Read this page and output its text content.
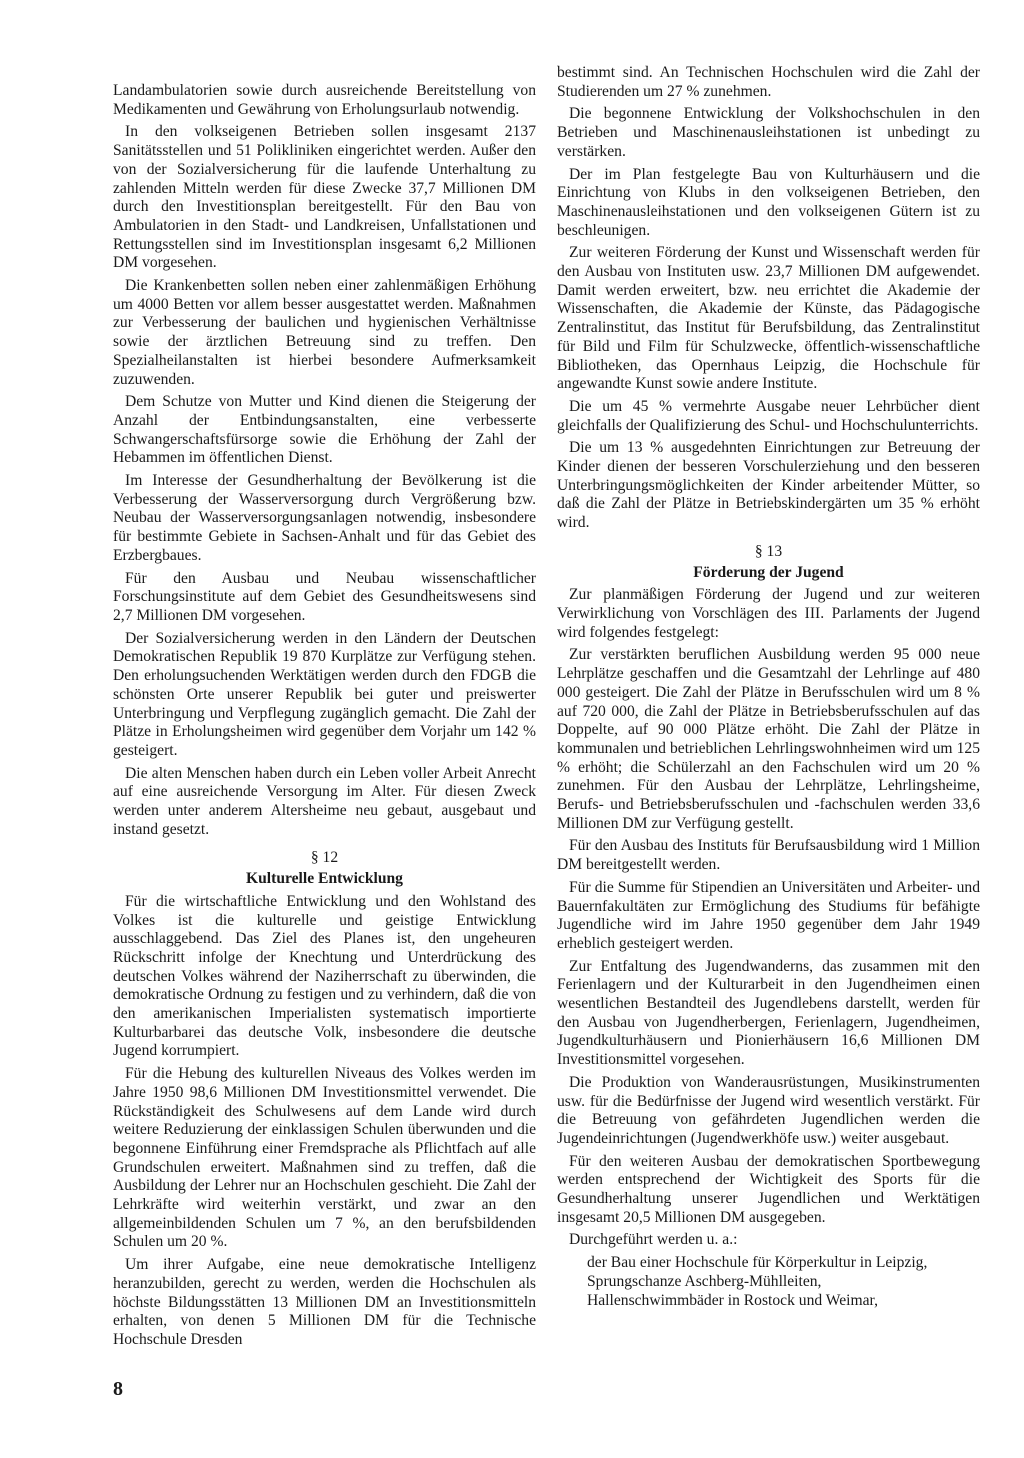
Landambulatorien sowie durch ausreichende Bereitstellung von Medikamenten und Gewährung von Erholungsurlaub notwendig.

In den volkseigenen Betrieben sollen insgesamt 2137 Sanitätsstellen und 51 Polikliniken eingerichtet werden. Außer den von der Sozialversicherung für die laufende Unterhaltung zu zahlenden Mitteln werden für diese Zwecke 37,7 Millionen DM durch den Investitionsplan bereitgestellt. Für den Bau von Ambulatorien in den Stadt- und Landkreisen, Unfallstationen und Rettungsstellen sind im Investitionsplan insgesamt 6,2 Millionen DM vorgesehen.

Die Krankenbetten sollen neben einer zahlenmäßigen Erhöhung um 4000 Betten vor allem besser ausgestattet werden. Maßnahmen zur Verbesserung der baulichen und hygienischen Verhältnisse sowie der ärztlichen Betreuung sind zu treffen. Den Spezialheilanstalten ist hierbei besondere Aufmerksamkeit zuzuwenden.

Dem Schutze von Mutter und Kind dienen die Steigerung der Anzahl der Entbindungsanstalten, eine verbesserte Schwangerschaftsfürsorge sowie die Erhöhung der Zahl der Hebammen im öffentlichen Dienst.

Im Interesse der Gesundherhaltung der Bevölkerung ist die Verbesserung der Wasserversorgung durch Vergrößerung bzw. Neubau der Wasserversorgungsanlagen notwendig, insbesondere für bestimmte Gebiete in Sachsen-Anhalt und für das Gebiet des Erzbergbaues.

Für den Ausbau und Neubau wissenschaftlicher Forschungsinstitute auf dem Gebiet des Gesundheitswesens sind 2,7 Millionen DM vorgesehen.

Der Sozialversicherung werden in den Ländern der Deutschen Demokratischen Republik 19 870 Kurplätze zur Verfügung stehen. Den erholungsuchenden Werktätigen werden durch den FDGB die schönsten Orte unserer Republik bei guter und preiswerter Unterbringung und Verpflegung zugänglich gemacht. Die Zahl der Plätze in Erholungsheimen wird gegenüber dem Vorjahr um 142 % gesteigert.

Die alten Menschen haben durch ein Leben voller Arbeit Anrecht auf eine ausreichende Versorgung im Alter. Für diesen Zweck werden unter anderem Altersheime neu gebaut, ausgebaut und instand gesetzt.

§ 12
Kulturelle Entwicklung

Für die wirtschaftliche Entwicklung und den Wohlstand des Volkes ist die kulturelle und geistige Entwicklung ausschlaggebend. Das Ziel des Planes ist, den ungeheuren Rückschritt infolge der Knechtung und Unterdrückung des deutschen Volkes während der Naziherrschaft zu überwinden, die demokratische Ordnung zu festigen und zu verhindern, daß die von den amerikanischen Imperialisten systematisch importierte Kulturbarbarei das deutsche Volk, insbesondere die deutsche Jugend korrumpiert.

Für die Hebung des kulturellen Niveaus des Volkes werden im Jahre 1950 98,6 Millionen DM Investitionsmittel verwendet. Die Rückständigkeit des Schulwesens auf dem Lande wird durch weitere Reduzierung der einklassigen Schulen überwunden und die begonnene Einführung einer Fremdsprache als Pflichtfach auf alle Grundschulen erweitert. Maßnahmen sind zu treffen, daß die Ausbildung der Lehrer nur an Hochschulen geschieht. Die Zahl der Lehrkräfte wird weiterhin verstärkt, und zwar an den allgemeinbildenden Schulen um 7 %, an den berufsbildenden Schulen um 20 %.

Um ihrer Aufgabe, eine neue demokratische Intelligenz heranzubilden, gerecht zu werden, werden die Hochschulen als höchste Bildungsstätten 13 Millionen DM an Investitionsmitteln erhalten, von denen 5 Millionen DM für die Technische Hochschule Dresden

bestimmt sind. An Technischen Hochschulen wird die Zahl der Studierenden um 27 % zunehmen.

Die begonnene Entwicklung der Volkshochschulen in den Betrieben und Maschinenausleihstationen ist unbedingt zu verstärken.

Der im Plan festgelegte Bau von Kulturhäusern und die Einrichtung von Klubs in den volkseigenen Betrieben, den Maschinenausleihstationen und den volkseigenen Gütern ist zu beschleunigen.

Zur weiteren Förderung der Kunst und Wissenschaft werden für den Ausbau von Instituten usw. 23,7 Millionen DM aufgewendet. Damit werden erweitert, bzw. neu errichtet die Akademie der Wissenschaften, die Akademie der Künste, das Pädagogische Zentralinstitut, das Institut für Berufsbildung, das Zentralinstitut für Bild und Film für Schulzwecke, öffentlich-wissenschaftliche Bibliotheken, das Opernhaus Leipzig, die Hochschule für angewandte Kunst sowie andere Institute.

Die um 45 % vermehrte Ausgabe neuer Lehrbücher dient gleichfalls der Qualifizierung des Schul- und Hochschulunterrichts.

Die um 13 % ausgedehnten Einrichtungen zur Betreuung der Kinder dienen der besseren Vorschulerziehung und den besseren Unterbringungsmöglichkeiten der Kinder arbeitender Mütter, so daß die Zahl der Plätze in Betriebskindergärten um 35 % erhöht wird.

§ 13
Förderung der Jugend

Zur planmäßigen Förderung der Jugend und zur weiteren Verwirklichung von Vorschlägen des III. Parlaments der Jugend wird folgendes festgelegt:

Zur verstärkten beruflichen Ausbildung werden 95 000 neue Lehrplätze geschaffen und die Gesamtzahl der Lehrlinge auf 480 000 gesteigert. Die Zahl der Plätze in Berufsschulen wird um 8 % auf 720 000, die Zahl der Plätze in Betriebsberufsschulen auf das Doppelte, auf 90 000 Plätze erhöht. Die Zahl der Plätze in kommunalen und betrieblichen Lehrlingswohnheimen wird um 125 % erhöht; die Schülerzahl an den Fachschulen wird um 20 % zunehmen. Für den Ausbau der Lehrplätze, Lehrlingsheime, Berufs- und Betriebsberufsschulen und -fachschulen werden 33,6 Millionen DM zur Verfügung gestellt.

Für den Ausbau des Instituts für Berufsausbildung wird 1 Million DM bereitgestellt werden.

Für die Summe für Stipendien an Universitäten und Arbeiter- und Bauernfakultäten zur Ermöglichung des Studiums für befähigte Jugendliche wird im Jahre 1950 gegenüber dem Jahr 1949 erheblich gesteigert werden.

Zur Entfaltung des Jugendwanderns, das zusammen mit den Ferienlagern und der Kulturarbeit in den Jugendheimen einen wesentlichen Bestandteil des Jugendlebens darstellt, werden für den Ausbau von Jugendherbergen, Ferienlagern, Jugendheimen, Jugendkulturhäusern und Pionierhäusern 16,6 Millionen DM Investitionsmittel vorgesehen.

Die Produktion von Wanderausrüstungen, Musikinstrumenten usw. für die Bedürfnisse der Jugend wird wesentlich verstärkt. Für die Betreuung von gefährdeten Jugendlichen werden die Jugendeinrichtungen (Jugendwerkhöfe usw.) weiter ausgebaut.

Für den weiteren Ausbau der demokratischen Sportbewegung werden entsprechend der Wichtigkeit des Sports für die Gesundherhaltung unserer Jugendlichen und Werktätigen insgesamt 20,5 Millionen DM ausgegeben.

Durchgeführt werden u. a.:

der Bau einer Hochschule für Körperkultur in Leipzig,
Sprungschanze Aschberg-Mühlleiten,
Hallenschwimmbäder in Rostock und Weimar,
8
